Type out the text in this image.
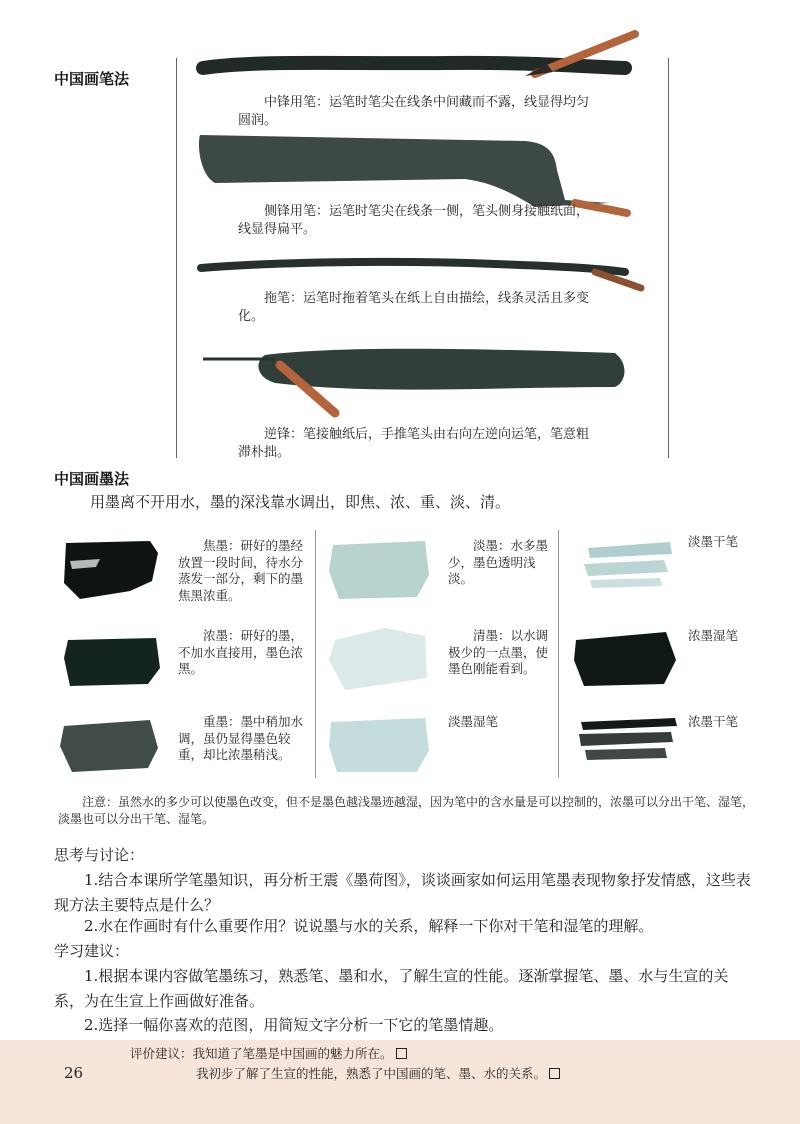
中国画笔法
中锋用笔：运笔时笔尖在线条中间藏而不露，线显得均匀圆润。
侧锋用笔：运笔时笔尖在线条一侧，笔头侧身接触纸面，线显得扁平。
拖笔：运笔时拖着笔头在纸上自由描绘，线条灵活且多变化。
逆锋：笔接触纸后，手推笔头由右向左逆向运笔，笔意粗滞朴拙。
中国画墨法
用墨离不开用水，墨的深浅靠水调出，即焦、浓、重、淡、清。
焦墨：研好的墨经放置一段时间，待水分蒸发一部分，剩下的墨焦黑浓重。
浓墨：研好的墨，不加水直接用，墨色浓黑。
重墨：墨中稍加水调，虽仍显得墨色较重，却比浓墨稍浅。
淡墨：水多墨少，墨色透明浅淡。
清墨：以水调极少的一点墨，使墨色刚能看到。
淡墨湿笔
淡墨干笔
浓墨湿笔
浓墨干笔
注意：虽然水的多少可以使墨色改变，但不是墨色越浅墨迹越湿，因为笔中的含水量是可以控制的，浓墨可以分出干笔、湿笔，淡墨也可以分出干笔、湿笔。
思考与讨论：
1.结合本课所学笔墨知识，再分析王震《墨荷图》，谈谈画家如何运用笔墨表现物象抒发情感，这些表现方法主要特点是什么？
2.水在作画时有什么重要作用？说说墨与水的关系，解释一下你对干笔和湿笔的理解。
学习建议：
1.根据本课内容做笔墨练习，熟悉笔、墨和水，了解生宣的性能。逐渐掌握笔、墨、水与生宣的关系，为在生宣上作画做好准备。
2.选择一幅你喜欢的范图，用简短文字分析一下它的笔墨情趣。
26
评价建议：我知道了笔墨是中国画的魅力所在。
我初步了解了生宣的性能，熟悉了中国画的笔、墨、水的关系。
